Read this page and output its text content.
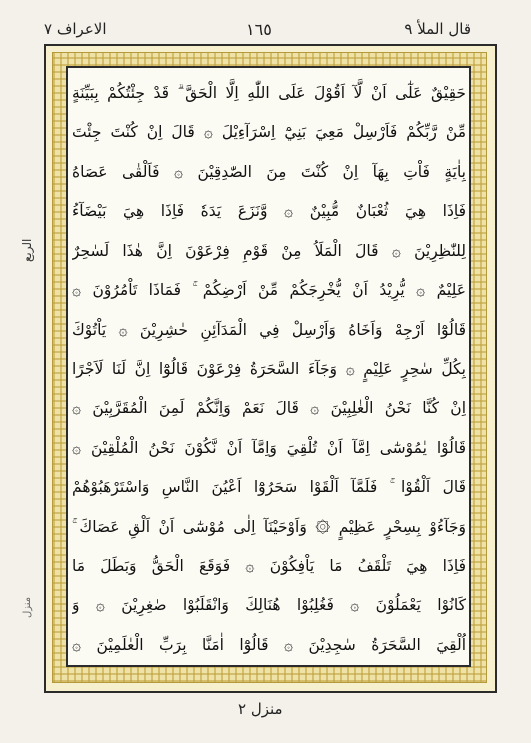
الاعراف ٧	١٦٥	قال الملأ ٩
حَقِيْقٌ عَلٰٓى اَنْ لَّآ اَقُوْلَ عَلَى اللّٰهِ اِلَّا الْحَقَّ ۗ قَدْ جِئْتُكُمْ بِبَيِّنَةٍ
مِّنْ رَّبِّكُمْ فَاَرْسِلْ مَعِيَ بَنِيْٓ اِسْرَآءِيْلَ ۞ قَالَ اِنْ كُنْتَ جِئْتَ
بِاٰيَةٍ فَاْتِ بِهَآ اِنْ كُنْتَ مِنَ الصّٰدِقِيْنَ ۞ فَاَلْقٰى عَصَاهُ
فَاِذَا هِيَ ثُعْبَانٌ مُّبِيْنٌ ۞ وَّنَزَعَ يَدَهٗ فَاِذَا هِيَ بَيْضَآءُ
لِلنّٰظِرِيْنَ ۞ قَالَ الْمَلَاُ مِنْ قَوْمِ فِرْعَوْنَ اِنَّ هٰذَا لَسٰحِرٌ
عَلِيْمٌ ۞ يُّرِيْدُ اَنْ يُّخْرِجَكُمْ مِّنْ اَرْضِكُمْ ۚ فَمَاذَا تَاْمُرُوْنَ ۞
قَالُوْٓا اَرْجِهْ وَاَخَاهُ وَاَرْسِلْ فِي الْمَدَآئِنِ حٰشِرِيْنَ ۞ يَاْتُوْكَ
بِكُلِّ سٰحِرٍ عَلِيْمٍ ۞ وَجَآءَ السَّحَرَةُ فِرْعَوْنَ قَالُوْٓا اِنَّ لَنَا لَاَجْرًا
اِنْ كُنَّا نَحْنُ الْغٰلِبِيْنَ ۞ قَالَ نَعَمْ وَاِنَّكُمْ لَمِنَ الْمُقَرَّبِيْنَ ۞
قَالُوْا يٰمُوْسٰٓى اِمَّآ اَنْ تُلْقِيَ وَاِمَّآ اَنْ نَّكُوْنَ نَحْنُ الْمُلْقِيْنَ ۞
قَالَ اَلْقُوْا ۚ فَلَمَّآ اَلْقَوْا سَحَرُوْٓا اَعْيُنَ النَّاسِ وَاسْتَرْهَبُوْهُمْ
وَجَآءُوْ بِسِحْرٍ عَظِيْمٍ ۞ وَاَوْحَيْنَآ اِلٰى مُوْسٰٓى اَنْ اَلْقِ عَصَاكَ ۚ
فَاِذَا هِيَ تَلْقَفُ مَا يَاْفِكُوْنَ ۞ فَوَقَعَ الْحَقُّ وَبَطَلَ مَا
كَانُوْا يَعْمَلُوْنَ ۞ فَغُلِبُوْا هُنَالِكَ وَانْقَلَبُوْا صٰغِرِيْنَ ۞ وَ
اُلْقِيَ السَّحَرَةُ سٰجِدِيْنَ ۞ قَالُوْٓا اٰمَنَّا بِرَبِّ الْعٰلَمِيْنَ ۞
الربع
منزل
منزل ٢
